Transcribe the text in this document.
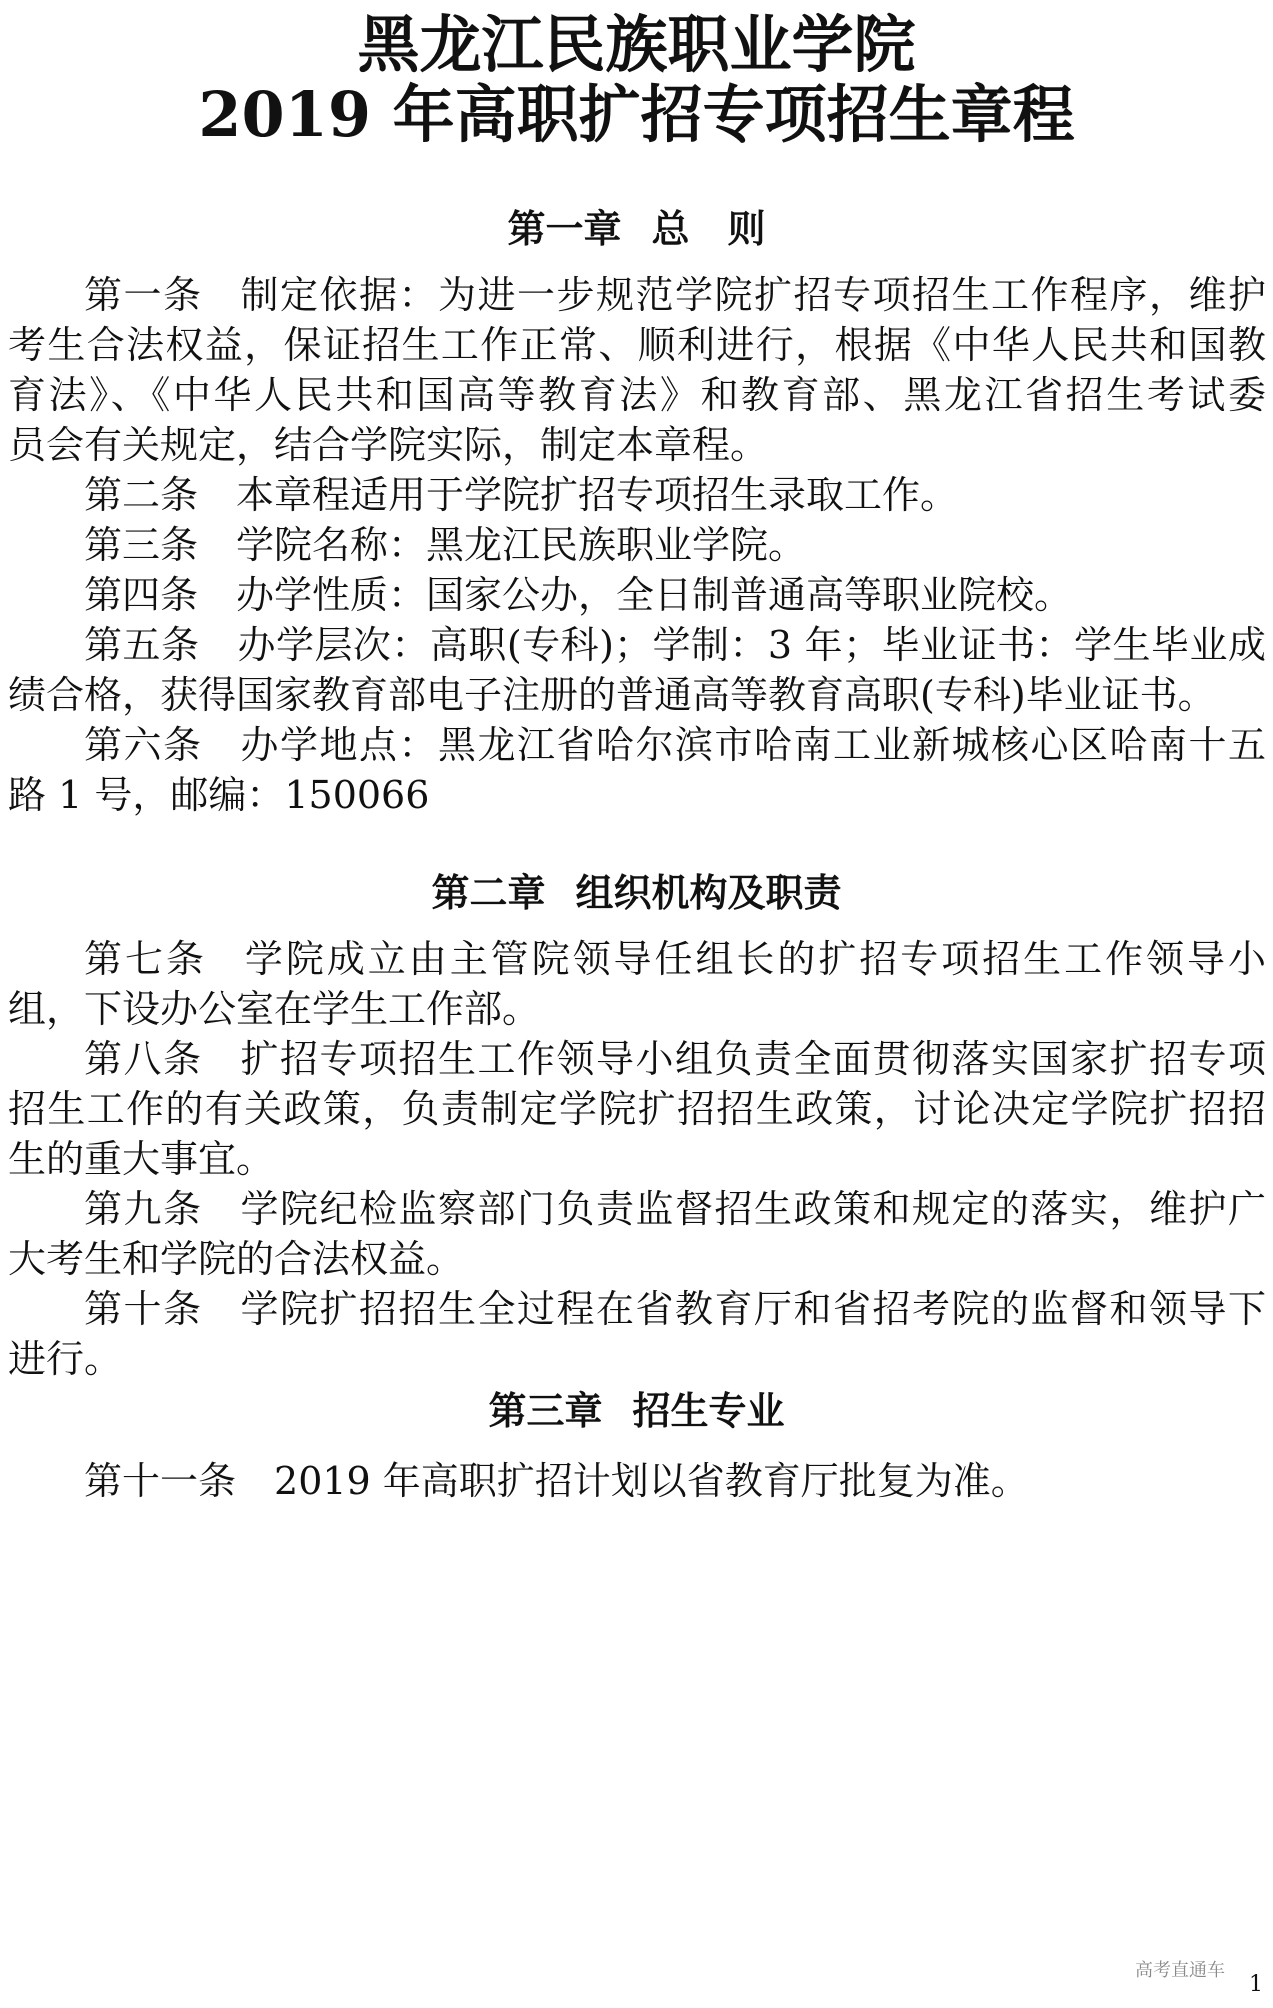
黑龙江民族职业学院
2019 年高职扩招专项招生章程
第一章 总　则
第一条 制定依据：为进一步规范学院扩招专项招生工作程序，维护
考生合法权益，保证招生工作正常、顺利进行，根据《中华人民共和国教
育法》、《中华人民共和国高等教育法》和教育部、黑龙江省招生考试委
员会有关规定，结合学院实际，制定本章程。
第二条 本章程适用于学院扩招专项招生录取工作。
第三条 学院名称：黑龙江民族职业学院。
第四条 办学性质：国家公办，全日制普通高等职业院校。
第五条 办学层次：高职(专科)；学制：3 年；毕业证书：学生毕业成
绩合格，获得国家教育部电子注册的普通高等教育高职(专科)毕业证书。
第六条 办学地点：黑龙江省哈尔滨市哈南工业新城核心区哈南十五
路 1 号，邮编：150066
第二章 组织机构及职责
第七条 学院成立由主管院领导任组长的扩招专项招生工作领导小
组，下设办公室在学生工作部。
第八条 扩招专项招生工作领导小组负责全面贯彻落实国家扩招专项
招生工作的有关政策，负责制定学院扩招招生政策，讨论决定学院扩招招
生的重大事宜。
第九条 学院纪检监察部门负责监督招生政策和规定的落实，维护广
大考生和学院的合法权益。
第十条 学院扩招招生全过程在省教育厅和省招考院的监督和领导下
进行。
第三章 招生专业
第十一条 2019 年高职扩招计划以省教育厅批复为准。
高考直通车
1
